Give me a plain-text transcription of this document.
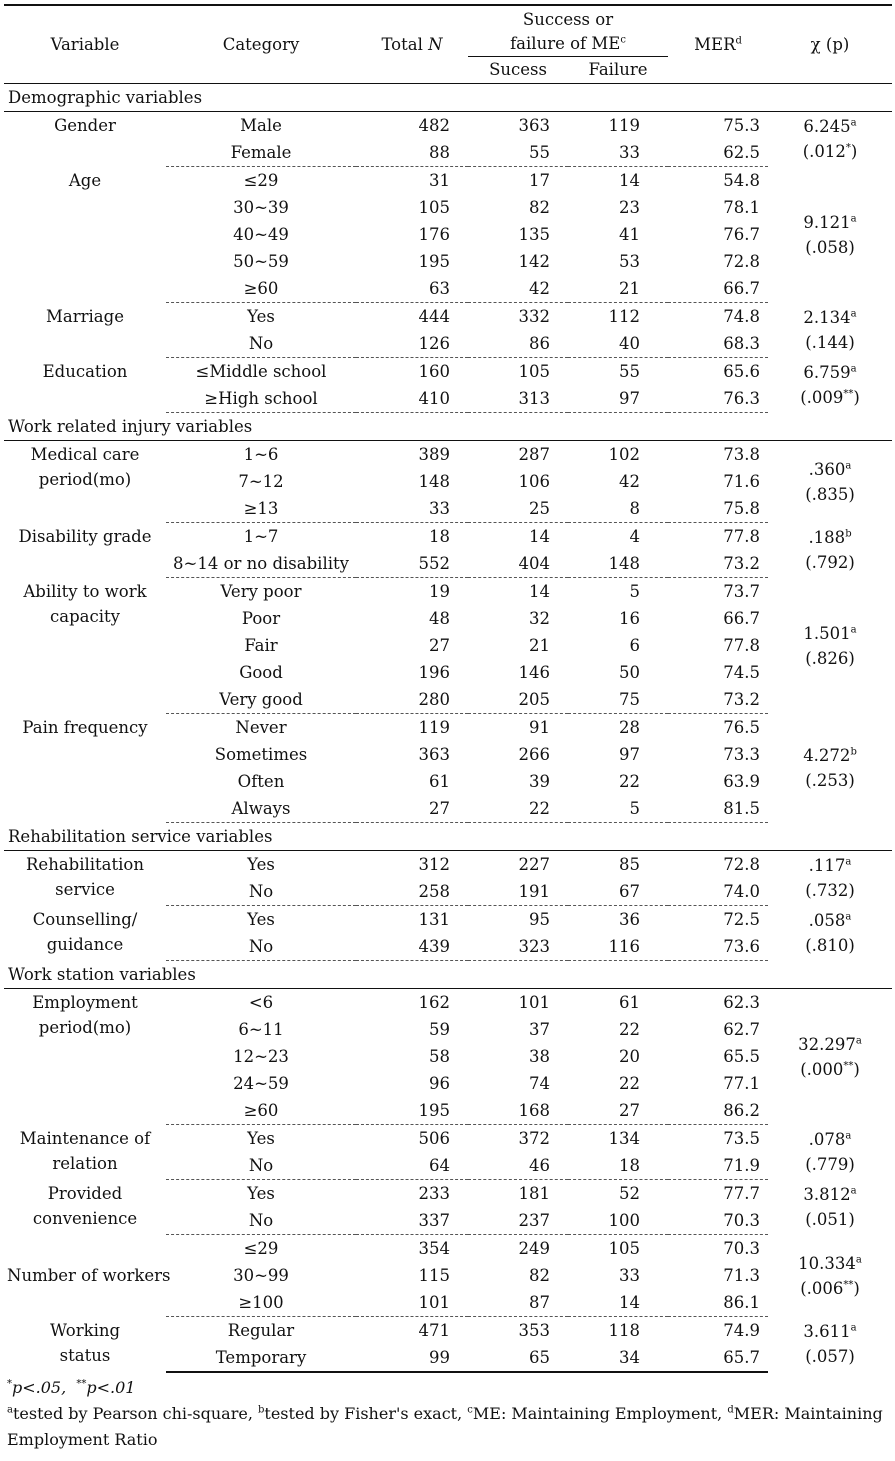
Variable	Category	Total N	Success or
failure of $ME^c$		MER$^d$	χ (p)
			Sucess	Failure		
Demographic variables						
Gender	Male	482	363	119	75.3	6.245$^a$
(.012*)
	Female	88	55	33	62.5	
Age	≤29	31	17	14	54.8	9.121$^a$
(.058)
	30~39	105	82	23	78.1	
	40~49	176	135	41	76.7	
	50~59	195	142	53	72.8	
	≥60	63	42	21	66.7	
Marriage	Yes	444	332	112	74.8	2.134$^a$
(.144)
	No	126	86	40	68.3	
Education	≤Middle school	160	105	55	65.6	6.759$^a$
(.009**)
	≥High school	410	313	97	76.3	
Work related injury variables						
Medical care
period(mo)	1~6	389	287	102	73.8	.360$^a$
(.835)
	7~12	148	106	42	71.6	
	≥13	33	25	8	75.8	
Disability grade	1~7	18	14	4	77.8	.188$^b$
(.792)
	8~14 or no disability	552	404	148	73.2	
Ability to work
capacity	Very poor	19	14	5	73.7	1.501$^a$
(.826)
	Poor	48	32	16	66.7	
	Fair	27	21	6	77.8	
	Good	196	146	50	74.5	
	Very good	280	205	75	73.2	
Pain frequency	Never	119	91	28	76.5	4.272$^b$
(.253)
	Sometimes	363	266	97	73.3	
	Often	61	39	22	63.9	
	Always	27	22	5	81.5	
Rehabilitation service variables						
Rehabilitation
service	Yes	312	227	85	72.8	.117$^a$
(.732)
	No	258	191	67	74.0	
Counselling/
guidance	Yes	131	95	36	72.5	.058$^a$
(.810)
	No	439	323	116	73.6	
Work station variables						
Employment
period(mo)	<6	162	101	61	62.3	32.297$^a$
(.000**)
	6~11	59	37	22	62.7	
	12~23	58	38	20	65.5	
	24~59	96	74	22	77.1	
	≥60	195	168	27	86.2	
Maintenance of
relation	Yes	506	372	134	73.5	.078$^a$
(.779)
	No	64	46	18	71.9	
Provided
convenience	Yes	233	181	52	77.7	3.812$^a$
(.051)
	No	337	237	100	70.3	
Number of workers	≤29	354	249	105	70.3	10.334$^a$
(.006**)
	30~99	115	82	33	71.3	
	≥100	101	87	14	86.1	
Working
status	Regular	471	353	118	74.9	3.611$^a$
(.057)
	Temporary	99	65	34	65.7	
*p<.05, **p<.01
$^a$tested by Pearson chi-square, $^b$tested by Fisher's exact, $^c$ME: Maintaining Employment, $^d$MER: Maintaining Employment Ratio
